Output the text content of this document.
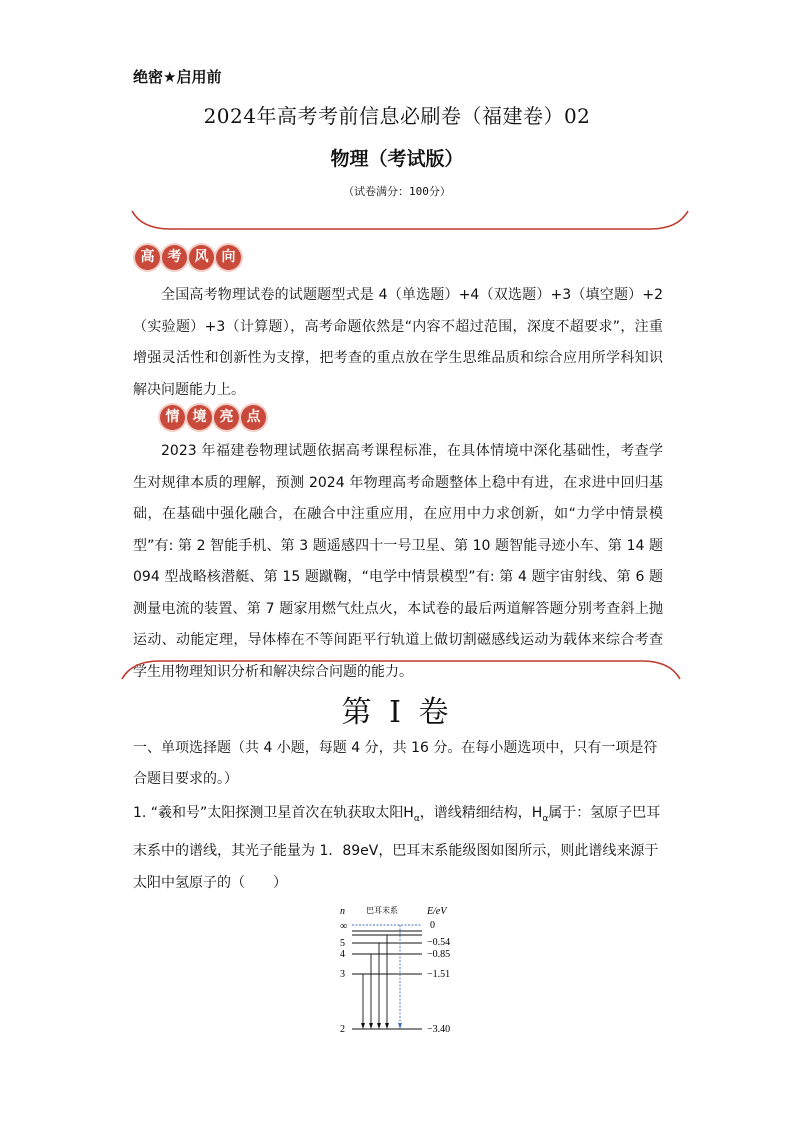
绝密★启用前
2024年高考考前信息必刷卷（福建卷）02
物理（考试版）
（试卷满分：100分）
高 考 风 向
全国高考物理试卷的试题题型式是 4（单选题）+4（双选题）+3（填空题）+2（实验题）+3（计算题），高考命题依然是“内容不超过范围，深度不超要求”，注重增强灵活性和创新性为支撑，把考查的重点放在学生思维品质和综合应用所学科知识解决问题能力上。
情 境 亮 点
2023 年福建卷物理试题依据高考课程标准，在具体情境中深化基础性，考查学生对规律本质的理解，预测 2024 年物理高考命题整体上稳中有进，在求进中回归基础，在基础中强化融合，在融合中注重应用，在应用中力求创新，如“力学中情景模型”有: 第 2 智能手机、第 3 题遥感四十一号卫星、第 10 题智能寻迹小车、第 14 题 094 型战略核潜艇、第 15 题蹴鞠，“电学中情景模型”有: 第 4 题宇宙射线、第 6 题测量电流的装置、第 7 题家用燃气灶点火，本试卷的最后两道解答题分别考查斜上抛运动、动能定理，导体棒在不等间距平行轨道上做切割磁感线运动为载体来综合考查学生用物理知识分析和解决综合问题的能力。
第 I 卷
一、单项选择题（共 4 小题，每题 4 分，共 16 分。在每小题选项中，只有一项是符合题目要求的。）
1. “羲和号”太阳探测卫星首次在轨获取太阳$H_\alpha$，谱线精细结构，$H_\alpha$属于：氢原子巴耳末系中的谱线，其光子能量为 1．89eV，巴耳末系能级图如图所示，则此谱线来源于太阳中氢原子的（　　）
n	巴耳末系	E/eV
∞
5
4
3
2
0
−0.54
−0.85
−1.51
−3.40
